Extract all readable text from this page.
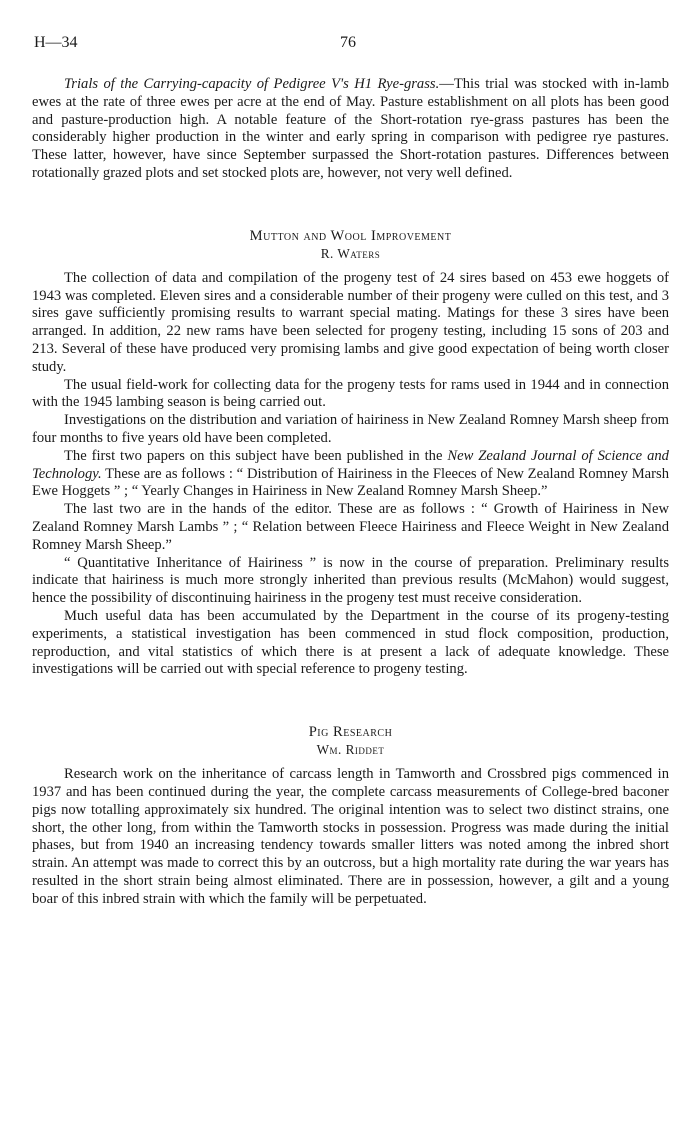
H—34	76

Trials of the Carrying-capacity of Pedigree V's H1 Rye-grass.—This trial was stocked with in-lamb ewes at the rate of three ewes per acre at the end of May. Pasture establishment on all plots has been good and pasture-production high. A notable feature of the Short-rotation rye-grass pastures has been the considerably higher production in the winter and early spring in comparison with pedigree rye pastures. These latter, however, have since September surpassed the Short-rotation pastures. Differences between rotationally grazed plots and set stocked plots are, however, not very well defined.

Mutton and Wool Improvement
R. Waters

The collection of data and compilation of the progeny test of 24 sires based on 453 ewe hoggets of 1943 was completed. Eleven sires and a considerable number of their progeny were culled on this test, and 3 sires gave sufficiently promising results to warrant special mating. Matings for these 3 sires have been arranged. In addition, 22 new rams have been selected for progeny testing, including 15 sons of 203 and 213. Several of these have produced very promising lambs and give good expectation of being worth closer study.

The usual field-work for collecting data for the progeny tests for rams used in 1944 and in connection with the 1945 lambing season is being carried out.

Investigations on the distribution and variation of hairiness in New Zealand Romney Marsh sheep from four months to five years old have been completed.

The first two papers on this subject have been published in the New Zealand Journal of Science and Technology. These are as follows : “ Distribution of Hairiness in the Fleeces of New Zealand Romney Marsh Ewe Hoggets ” ; “ Yearly Changes in Hairiness in New Zealand Romney Marsh Sheep.”

The last two are in the hands of the editor. These are as follows : “ Growth of Hairiness in New Zealand Romney Marsh Lambs ” ; “ Relation between Fleece Hairiness and Fleece Weight in New Zealand Romney Marsh Sheep.”

“ Quantitative Inheritance of Hairiness ” is now in the course of preparation. Preliminary results indicate that hairiness is much more strongly inherited than previous results (McMahon) would suggest, hence the possibility of discontinuing hairiness in the progeny test must receive consideration.

Much useful data has been accumulated by the Department in the course of its progeny-testing experiments, a statistical investigation has been commenced in stud flock composition, production, reproduction, and vital statistics of which there is at present a lack of adequate knowledge. These investigations will be carried out with special reference to progeny testing.

Pig Research
Wm. Riddet

Research work on the inheritance of carcass length in Tamworth and Crossbred pigs commenced in 1937 and has been continued during the year, the complete carcass measurements of College-bred baconer pigs now totalling approximately six hundred. The original intention was to select two distinct strains, one short, the other long, from within the Tamworth stocks in possession. Progress was made during the initial phases, but from 1940 an increasing tendency towards smaller litters was noted among the inbred short strain. An attempt was made to correct this by an outcross, but a high mortality rate during the war years has resulted in the short strain being almost eliminated. There are in possession, however, a gilt and a young boar of this inbred strain with which the family will be perpetuated.
